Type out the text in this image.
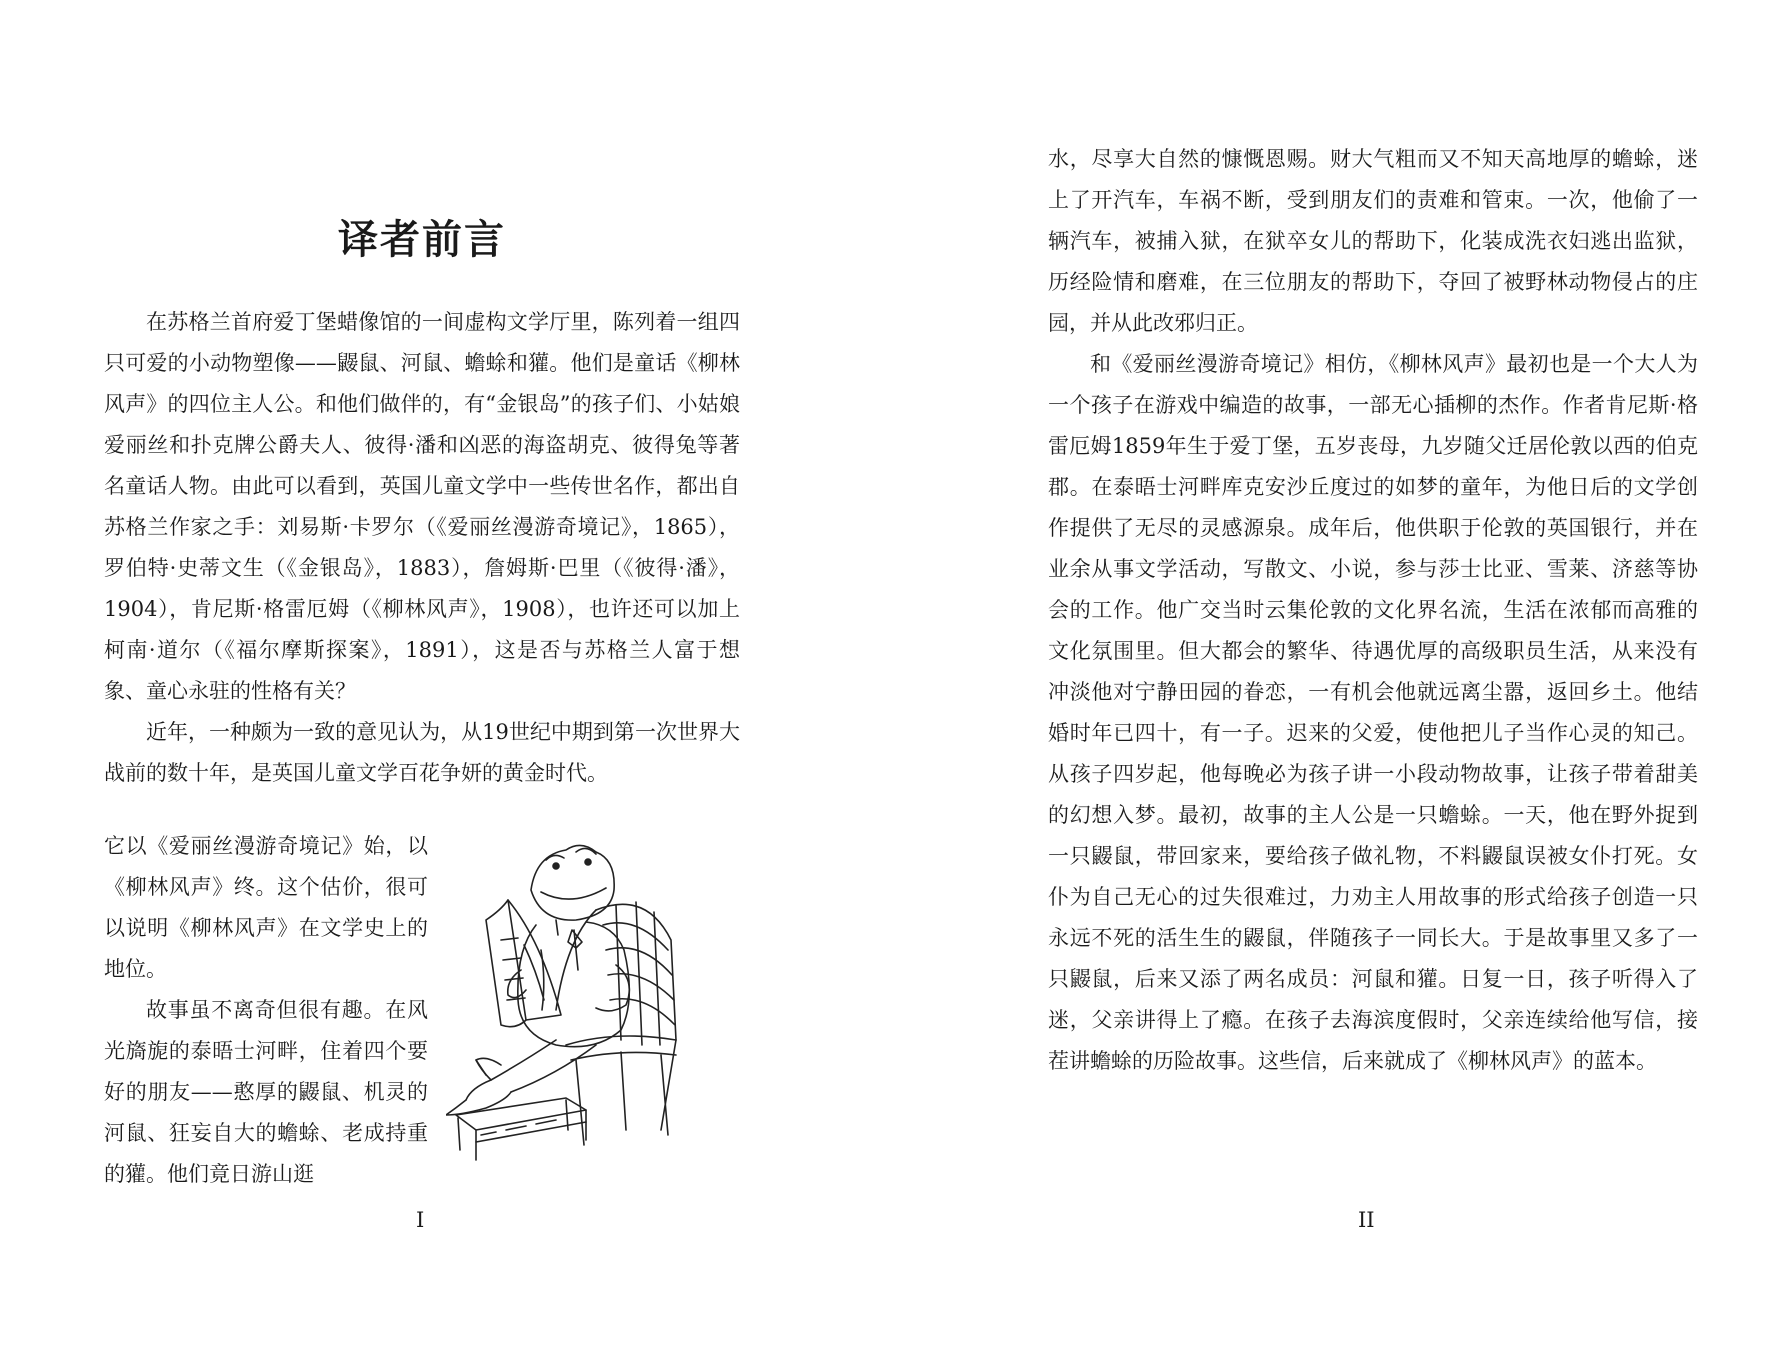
译者前言

在苏格兰首府爱丁堡蜡像馆的一间虚构文学厅里，陈列着一组四只可爱的小动物塑像——鼹鼠、河鼠、蟾蜍和獾。他们是童话《柳林风声》的四位主人公。和他们做伴的，有“金银岛”的孩子们、小姑娘爱丽丝和扑克牌公爵夫人、彼得·潘和凶恶的海盗胡克、彼得兔等著名童话人物。由此可以看到，英国儿童文学中一些传世名作，都出自苏格兰作家之手：刘易斯·卡罗尔（《爱丽丝漫游奇境记》，1865），罗伯特·史蒂文生（《金银岛》，1883），詹姆斯·巴里（《彼得·潘》，1904），肯尼斯·格雷厄姆（《柳林风声》，1908），也许还可以加上柯南·道尔（《福尔摩斯探案》，1891），这是否与苏格兰人富于想象、童心永驻的性格有关？

近年，一种颇为一致的意见认为，从19世纪中期到第一次世界大战前的数十年，是英国儿童文学百花争妍的黄金时代。

它以《爱丽丝漫游奇境记》始，以《柳林风声》终。这个估价，很可以说明《柳林风声》在文学史上的地位。

故事虽不离奇但很有趣。在风光旖旎的泰晤士河畔，住着四个要好的朋友——憨厚的鼹鼠、机灵的河鼠、狂妄自大的蟾蜍、老成持重的獾。他们竟日游山逛

I

水，尽享大自然的慷慨恩赐。财大气粗而又不知天高地厚的蟾蜍，迷上了开汽车，车祸不断，受到朋友们的责难和管束。一次，他偷了一辆汽车，被捕入狱，在狱卒女儿的帮助下，化装成洗衣妇逃出监狱，历经险情和磨难，在三位朋友的帮助下，夺回了被野林动物侵占的庄园，并从此改邪归正。

和《爱丽丝漫游奇境记》相仿，《柳林风声》最初也是一个大人为一个孩子在游戏中编造的故事，一部无心插柳的杰作。作者肯尼斯·格雷厄姆1859年生于爱丁堡，五岁丧母，九岁随父迁居伦敦以西的伯克郡。在泰晤士河畔库克安沙丘度过的如梦的童年，为他日后的文学创作提供了无尽的灵感源泉。成年后，他供职于伦敦的英国银行，并在业余从事文学活动，写散文、小说，参与莎士比亚、雪莱、济慈等协会的工作。他广交当时云集伦敦的文化界名流，生活在浓郁而高雅的文化氛围里。但大都会的繁华、待遇优厚的高级职员生活，从来没有冲淡他对宁静田园的眷恋，一有机会他就远离尘嚣，返回乡土。他结婚时年已四十，有一子。迟来的父爱，使他把儿子当作心灵的知己。从孩子四岁起，他每晚必为孩子讲一小段动物故事，让孩子带着甜美的幻想入梦。最初，故事的主人公是一只蟾蜍。一天，他在野外捉到一只鼹鼠，带回家来，要给孩子做礼物，不料鼹鼠误被女仆打死。女仆为自己无心的过失很难过，力劝主人用故事的形式给孩子创造一只永远不死的活生生的鼹鼠，伴随孩子一同长大。于是故事里又多了一只鼹鼠，后来又添了两名成员：河鼠和獾。日复一日，孩子听得入了迷，父亲讲得上了瘾。在孩子去海滨度假时，父亲连续给他写信，接茬讲蟾蜍的历险故事。这些信，后来就成了《柳林风声》的蓝本。

II
